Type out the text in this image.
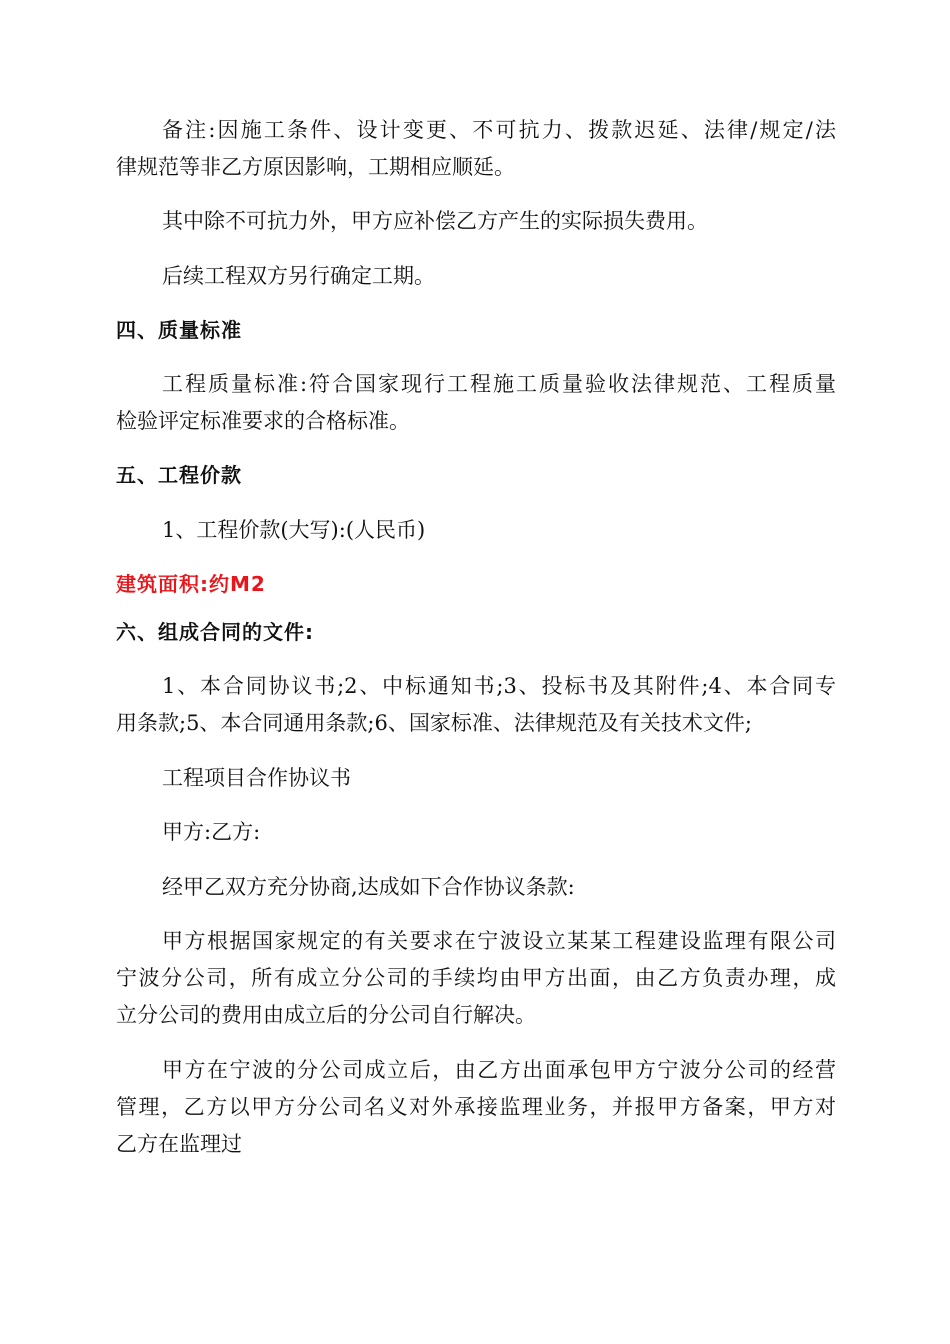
备注:因施工条件、设计变更、不可抗力、拨款迟延、法律/规定/法
律规范等非乙方原因影响，工期相应顺延。
其中除不可抗力外，甲方应补偿乙方产生的实际损失费用。
后续工程双方另行确定工期。
四、质量标准
工程质量标准:符合国家现行工程施工质量验收法律规范、工程质量
检验评定标准要求的合格标准。
五、工程价款
1、工程价款(大写):(人民币)
建筑面积:约M2
六、组成合同的文件:
1、本合同协议书;2、中标通知书;3、投标书及其附件;4、本合同专
用条款;5、本合同通用条款;6、国家标准、法律规范及有关技术文件;
工程项目合作协议书
甲方:乙方:
经甲乙双方充分协商,达成如下合作协议条款:
甲方根据国家规定的有关要求在宁波设立某某工程建设监理有限公司
宁波分公司，所有成立分公司的手续均由甲方出面，由乙方负责办理，成
立分公司的费用由成立后的分公司自行解决。
甲方在宁波的分公司成立后，由乙方出面承包甲方宁波分公司的经营
管理，乙方以甲方分公司名义对外承接监理业务，并报甲方备案，甲方对
乙方在监理过
